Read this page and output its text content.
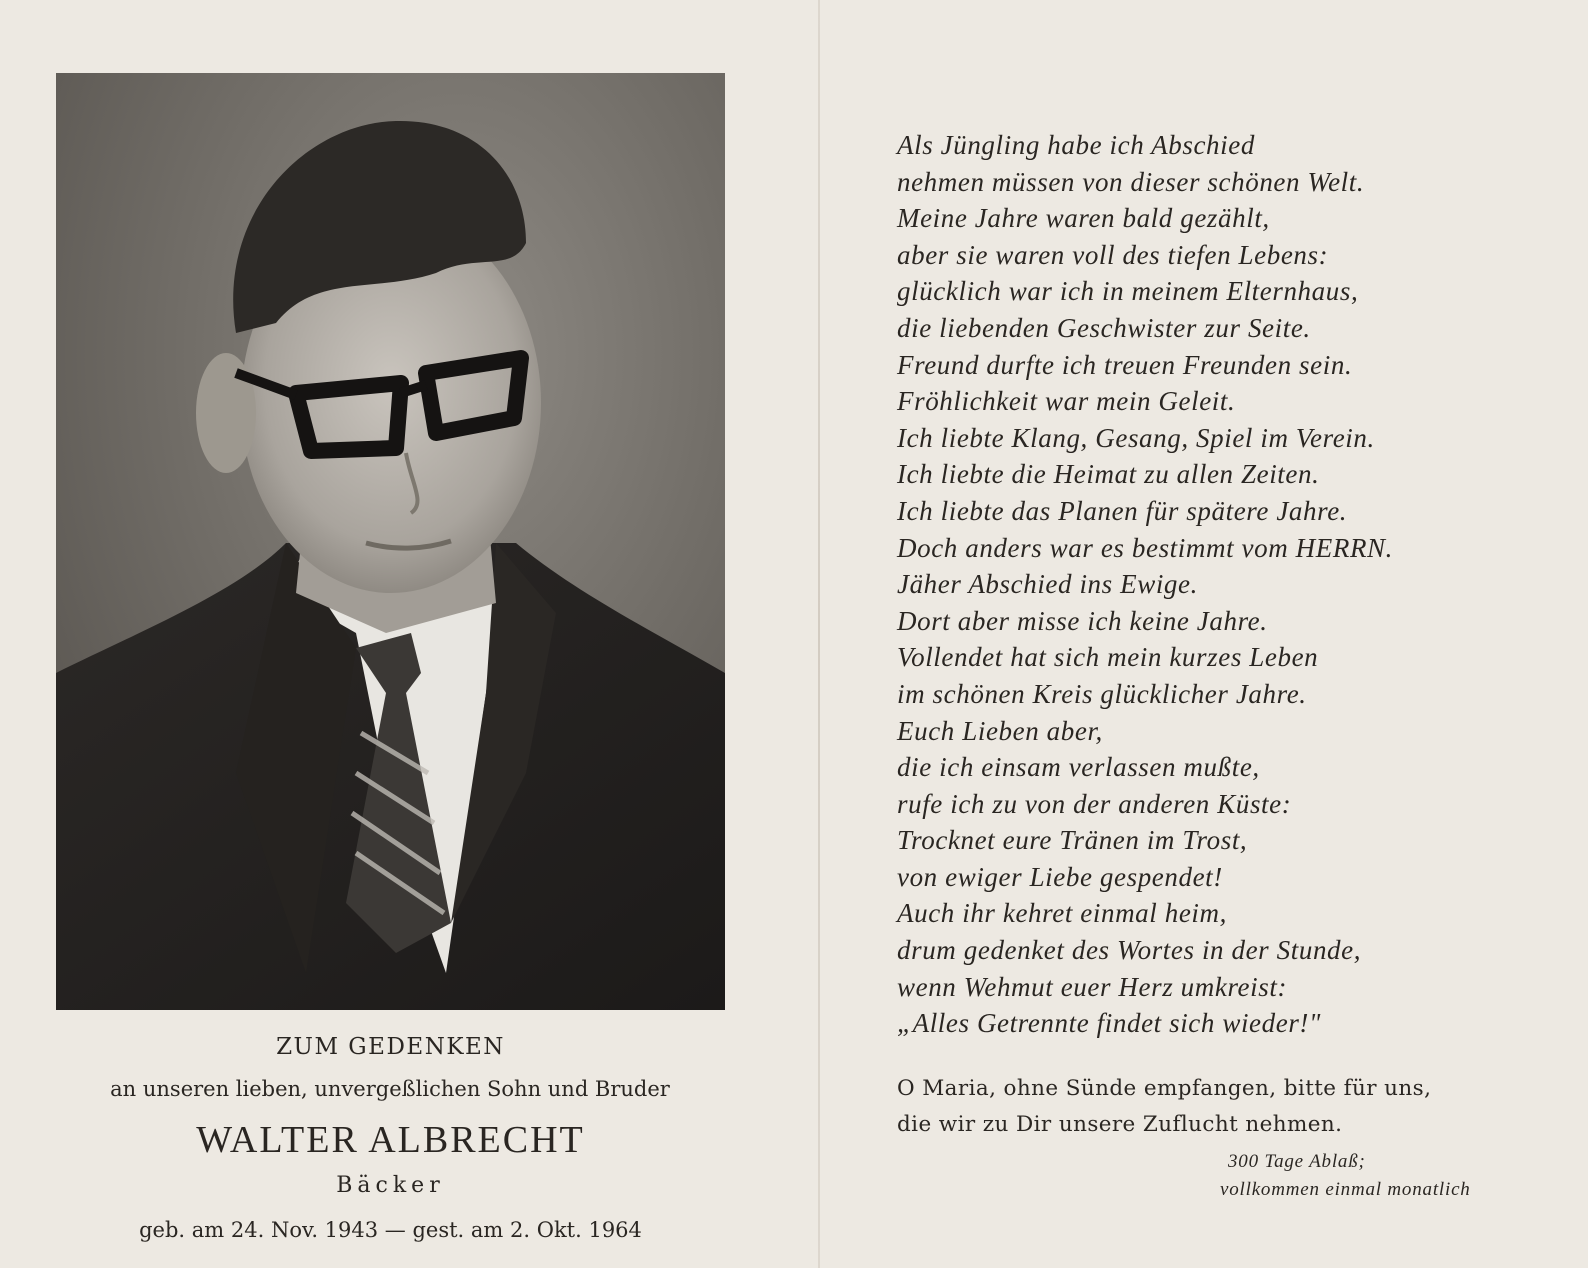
ZUM GEDENKEN
an unseren lieben, unvergeßlichen Sohn und Bruder
WALTER ALBRECHT
Bäcker
geb. am 24. Nov. 1943 — gest. am 2. Okt. 1964
Als Jüngling habe ich Abschied
nehmen müssen von dieser schönen Welt.
Meine Jahre waren bald gezählt,
aber sie waren voll des tiefen Lebens:
glücklich war ich in meinem Elternhaus,
die liebenden Geschwister zur Seite.
Freund durfte ich treuen Freunden sein.
Fröhlichkeit war mein Geleit.
Ich liebte Klang, Gesang, Spiel im Verein.
Ich liebte die Heimat zu allen Zeiten.
Ich liebte das Planen für spätere Jahre.
Doch anders war es bestimmt vom HERRN.
Jäher Abschied ins Ewige.
Dort aber misse ich keine Jahre.
Vollendet hat sich mein kurzes Leben
im schönen Kreis glücklicher Jahre.
Euch Lieben aber,
die ich einsam verlassen mußte,
rufe ich zu von der anderen Küste:
Trocknet eure Tränen im Trost,
von ewiger Liebe gespendet!
Auch ihr kehret einmal heim,
drum gedenket des Wortes in der Stunde,
wenn Wehmut euer Herz umkreist:
„Alles Getrennte findet sich wieder!"
O Maria, ohne Sünde empfangen, bitte für uns,
die wir zu Dir unsere Zuflucht nehmen.
300 Tage Ablaß;
vollkommen einmal monatlich
